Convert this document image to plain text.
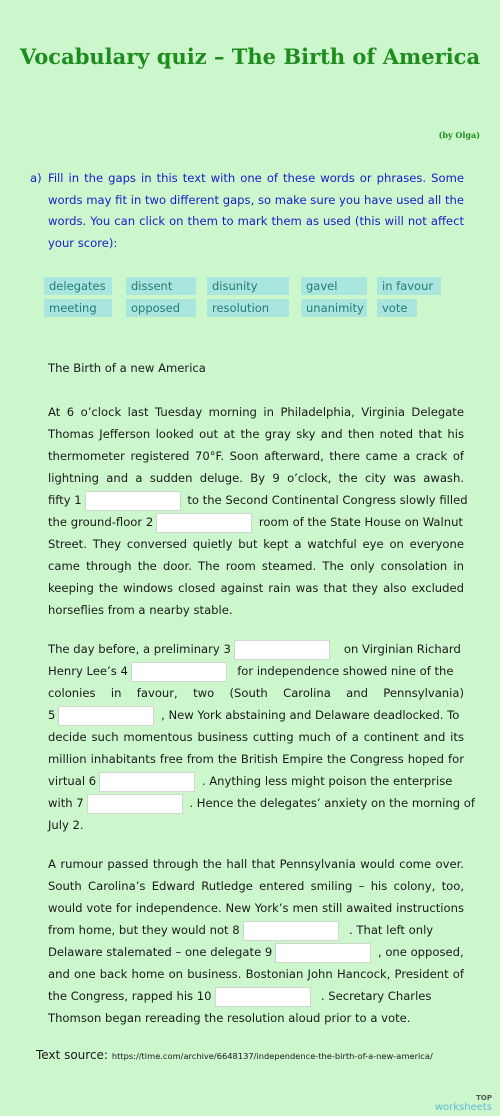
Vocabulary quiz – The Birth of America
(by Olga)
a) Fill in the gaps in this text with one of these words or phrases. Some words may fit in two different gaps, so make sure you have used all the words. You can click on them to mark them as used (this will not affect your score):
delegates	dissent	disunity	gavel	in favour
meeting	opposed	resolution	unanimity	vote
The Birth of a new America
At 6 o’clock last Tuesday morning in Philadelphia, Virginia Delegate
Thomas Jefferson looked out at the gray sky and then noted that his
thermometer registered 70°F. Soon afterward, there came a crack of
lightning and a sudden deluge. By 9 o’clock, the city was awash.
fifty 1	to the Second Continental Congress slowly filled
the ground-floor 2	room of the State House on Walnut
Street. They conversed quietly but kept a watchful eye on everyone
came through the door. The room steamed. The only consolation in
keeping the windows closed against rain was that they also excluded
horseflies from a nearby stable.
The day before, a preliminary 3	on Virginian Richard
Henry Lee’s 4	for independence showed nine of the
colonies in favour, two (South Carolina and Pennsylvania)
5	, New York abstaining and Delaware deadlocked. To
decide such momentous business cutting much of a continent and its
million inhabitants free from the British Empire the Congress hoped for
virtual 6	. Anything less might poison the enterprise
with 7	. Hence the delegates’ anxiety on the morning of
July 2.
A rumour passed through the hall that Pennsylvania would come over.
South Carolina’s Edward Rutledge entered smiling – his colony, too,
would vote for independence. New York’s men still awaited instructions
from home, but they would not 8	. That left only
Delaware stalemated – one delegate 9	, one opposed,
and one back home on business. Bostonian John Hancock, President of
the Congress, rapped his 10	. Secretary Charles
Thomson began rereading the resolution aloud prior to a vote.
Text source: https://time.com/archive/6648137/independence-the-birth-of-a-new-america/
TOP
worksheets
